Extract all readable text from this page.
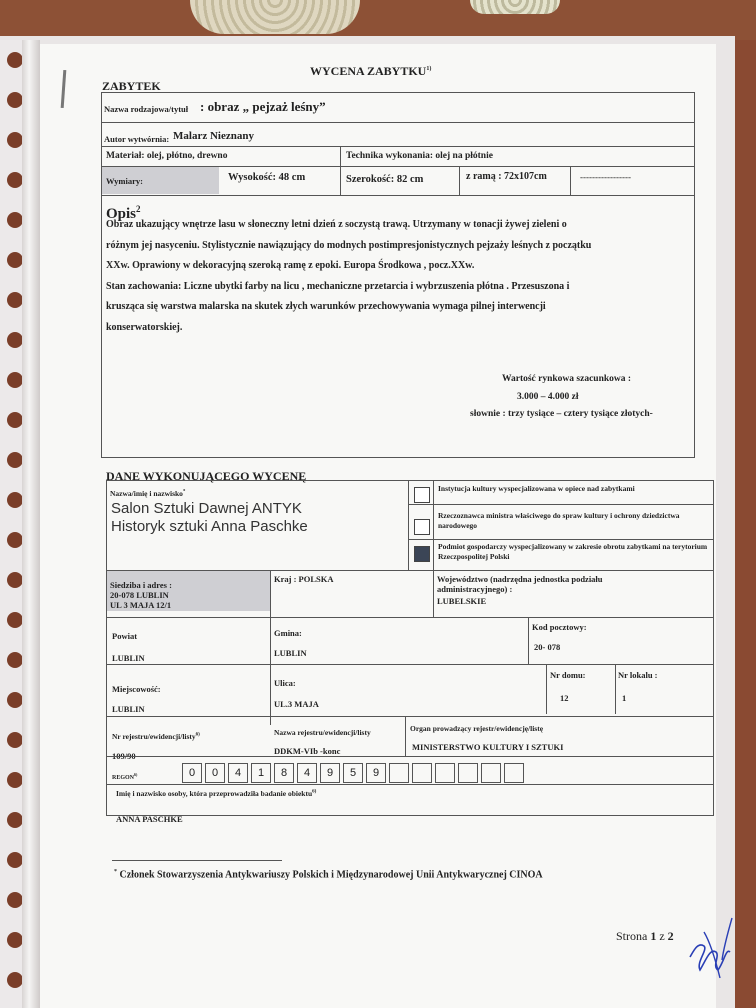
WYCENA ZABYTKU$^{1)}$
ZABYTEK
Nazwa rodzajowa/tytuł : obraz „ pejzaż leśny”
Autor wytwórnia: Malarz Nieznany
Materiał: olej, płótno, drewno	Technika wykonania: olej na płótnie
Wymiary:	Wysokość: 48 cm	Szerokość: 82 cm	z ramą : 72x107cm	-----------------
Opis$^2$
Obraz ukazujący wnętrze lasu w słoneczny letni dzień z soczystą trawą. Utrzymany w tonacji żywej zieleni o
różnym jej nasyceniu. Stylistycznie nawiązujący do modnych postimpresjonistycznych pejzaży leśnych z początku
XXw. Oprawiony w dekoracyjną szeroką ramę z epoki. Europa Środkowa , pocz.XXw.
Stan zachowania: Liczne ubytki farby na licu , mechaniczne przetarcia i wybrzuszenia płótna . Przesuszona i
krusząca się warstwa malarska na skutek złych warunków przechowywania wymaga pilnej interwencji
konserwatorskiej.
Wartość rynkowa szacunkowa :
3.000 – 4.000 zł
słownie : trzy tysiące – cztery tysiące złotych-
DANE WYKONUJĄCEGO WYCENĘ
Nazwa/imię i nazwisko*
Salon Sztuki Dawnej ANTYK
Historyk sztuki Anna Paschke
Instytucja kultury wyspecjalizowana w opiece nad zabytkami
Rzeczoznawca ministra właściwego do spraw kultury i ochrony dziedzictwa narodowego
Podmiot gospodarczy wyspecjalizowany w zakresie obrotu zabytkami na terytorium Rzeczpospolitej Polski
Siedziba i adres :
20-078 LUBLIN
UL 3 MAJA 12/1
Kraj : POLSKA	Województwo (nadrzędna jednostka podziału administracyjnego) :
LUBELSKIE
Powiat
LUBLIN
Gmina:
LUBLIN
Kod pocztowy:
20- 078
Miejscowość:
LUBLIN
Ulica:
UL.3 MAJA
Nr domu:
12
Nr lokalu :
1
Nr rejestru/ewidencji/listy$^{6)}$
109/90
Nazwa rejestru/ewidencji/listy
DDKM-VIb -konc
Organ prowadzący rejestr/ewidencję/listę
MINISTERSTWO KULTURY I SZTUKI
REGON$^{6)}$	0	0	4	1	8	4	9	5	9
Imię i nazwisko osoby, która przeprowadziła badanie obiektu$^{6)}$
ANNA PASCHKE
* Członek Stowarzyszenia Antykwariuszy Polskich i Międzynarodowej Unii Antykwarycznej CINOA
Strona 1 z 2
